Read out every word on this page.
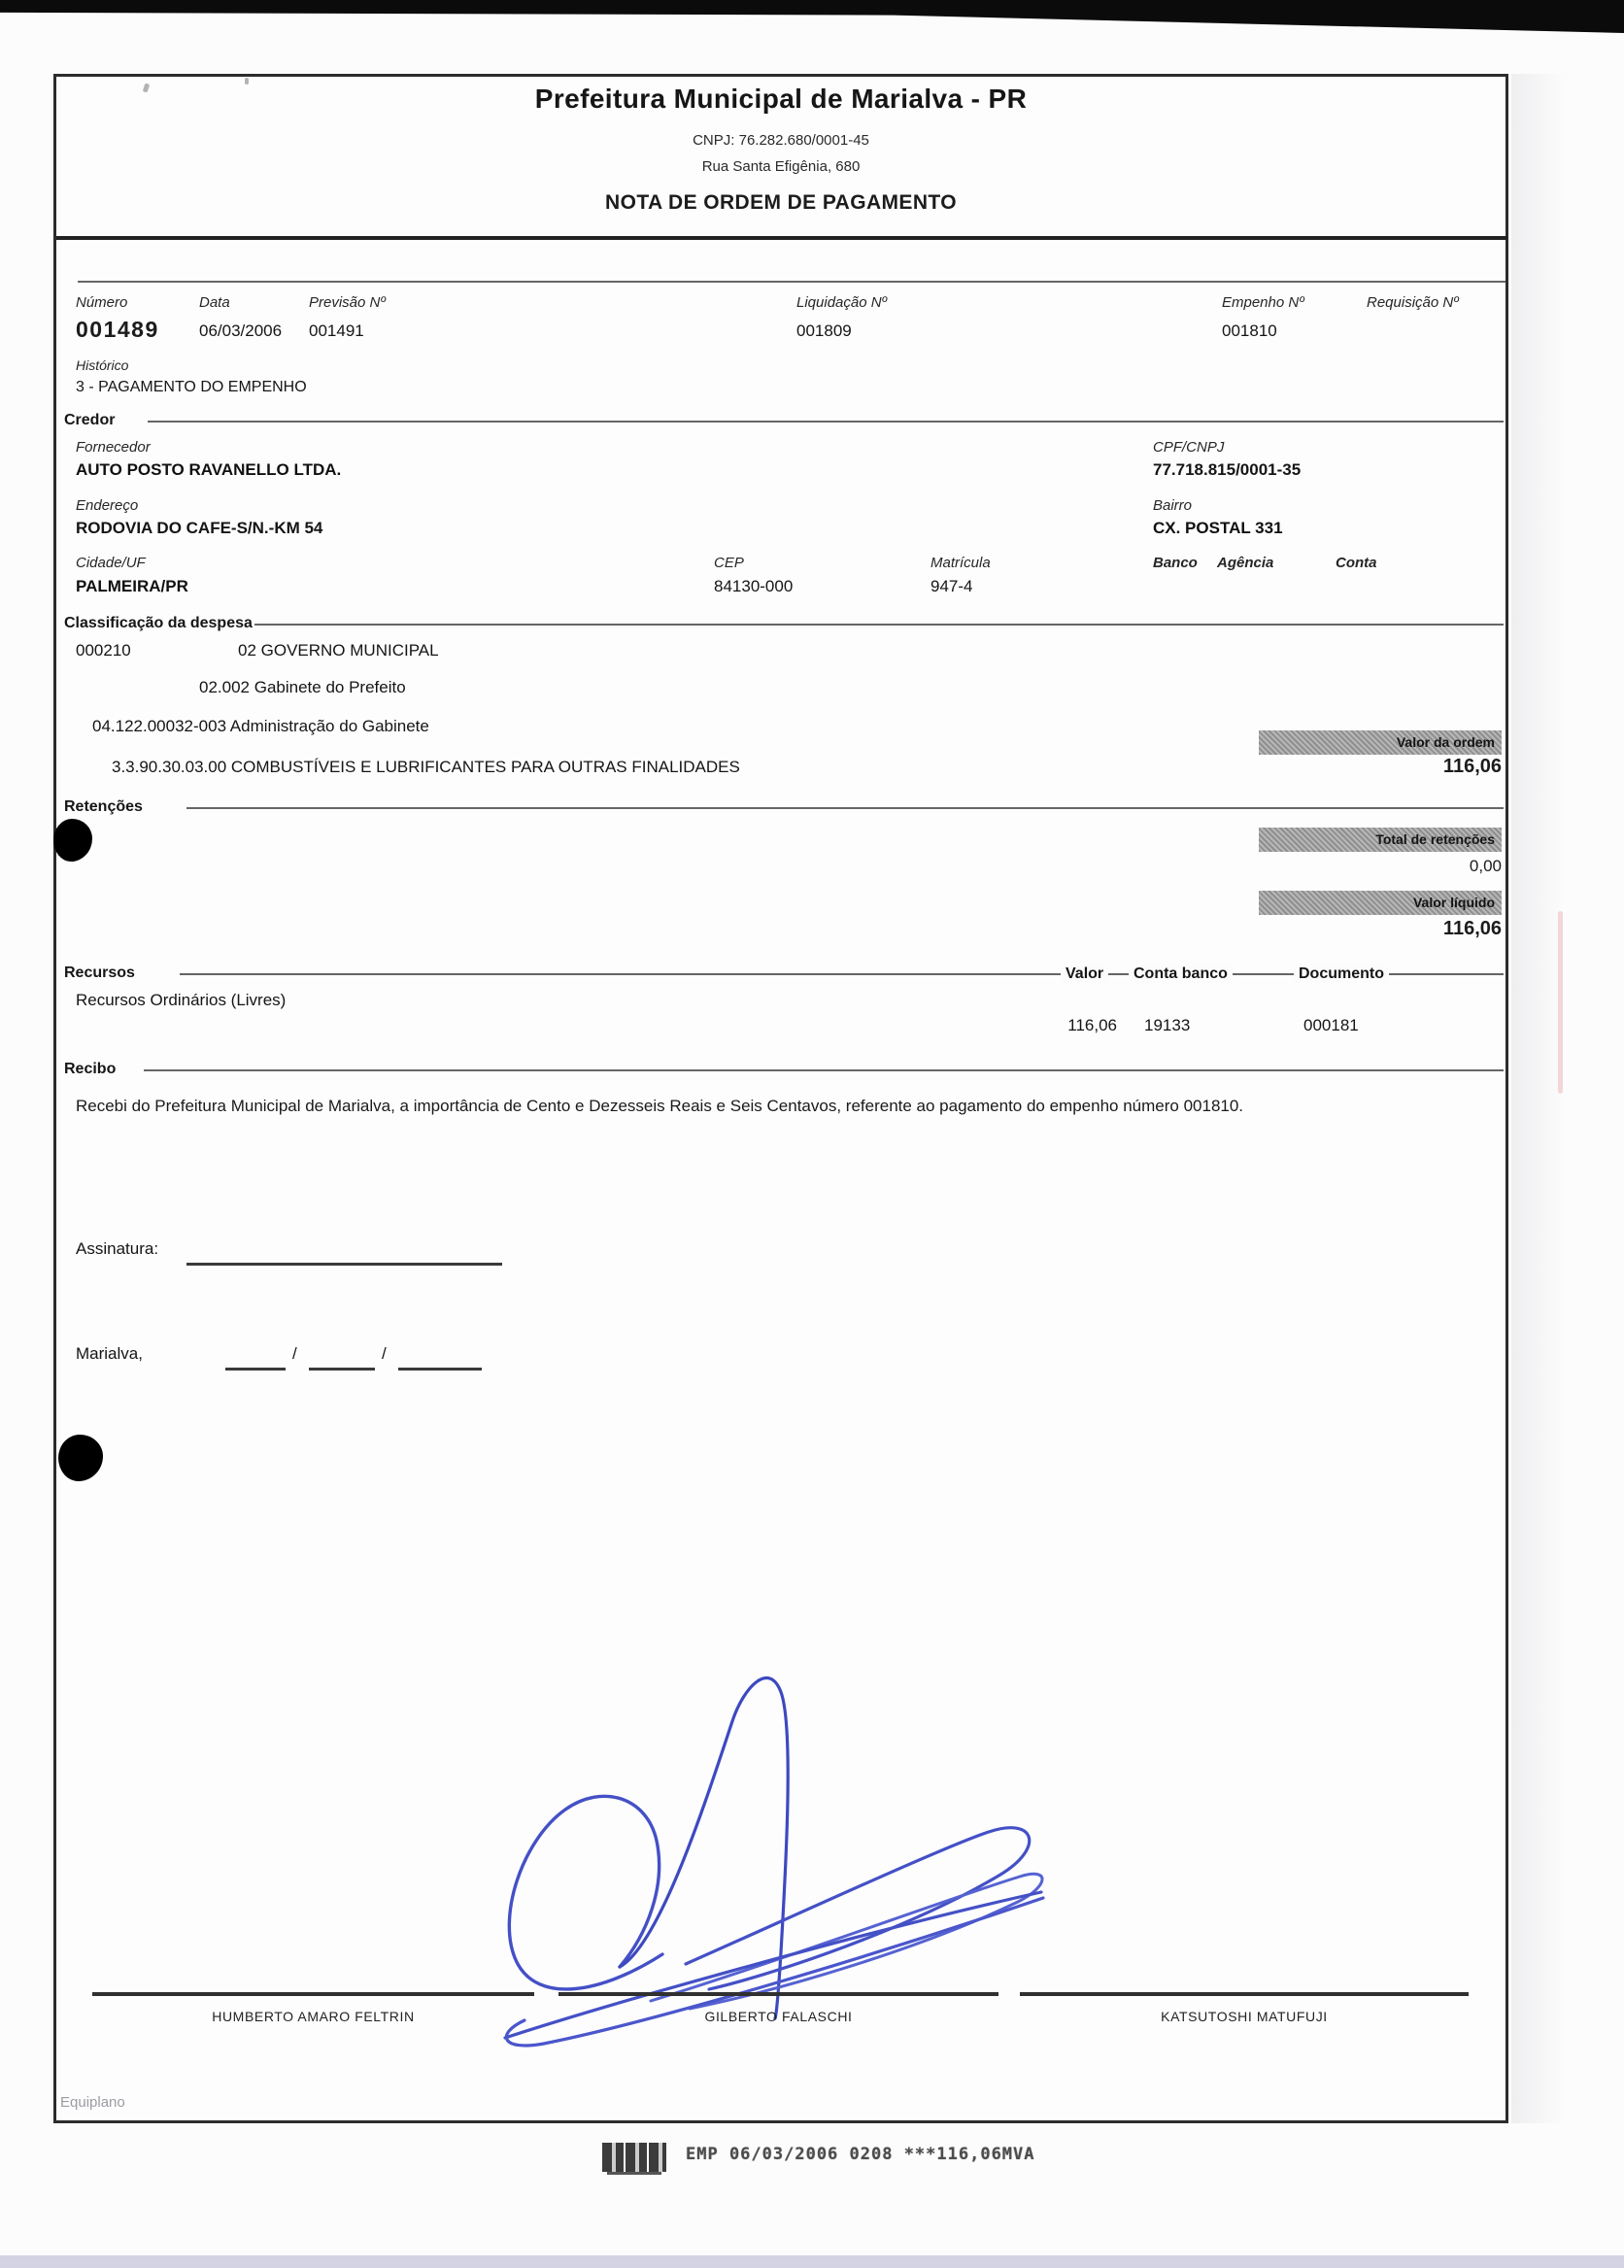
Prefeitura Municipal de Marialva - PR
CNPJ: 76.282.680/0001-45
Rua Santa Efigênia, 680
NOTA DE ORDEM DE PAGAMENTO
Número	Data	Previsão Nº	Liquidação Nº	Empenho Nº	Requisição Nº
001489 06/03/2006 001491	001809	001810
Histórico
3 - PAGAMENTO DO EMPENHO
Credor
Fornecedor
AUTO POSTO RAVANELLO LTDA.
CPF/CNPJ
77.718.815/0001-35
Endereço
RODOVIA DO CAFE-S/N.-KM 54
Bairro
CX. POSTAL 331
Cidade/UF
PALMEIRA/PR
CEP
84130-000
Matrícula
947-4
Banco Agência	Conta
Classificação da despesa
000210	02 GOVERNO MUNICIPAL
02.002 Gabinete do Prefeito
04.122.00032-003 Administração do Gabinete
Valor da ordem
3.3.90.30.03.00 COMBUSTÍVEIS E LUBRIFICANTES PARA OUTRAS FINALIDADES	116,06
Retenções
Total de retenções
0,00
Valor líquido
116,06
Recursos	Valor	Conta banco	Documento
Recursos Ordinários (Livres)
116,06 19133	000181
Recibo
Recebi do Prefeitura Municipal de Marialva, a importância de Cento e Dezesseis Reais e Seis Centavos, referente ao pagamento do empenho número 001810.
Assinatura:
Marialva,	/	/
HUMBERTO AMARO FELTRIN	GILBERTO FALASCHI	KATSUTOSHI MATUFUJI
Equiplano
EMP 06/03/2006 0208 ***116,06MVA
